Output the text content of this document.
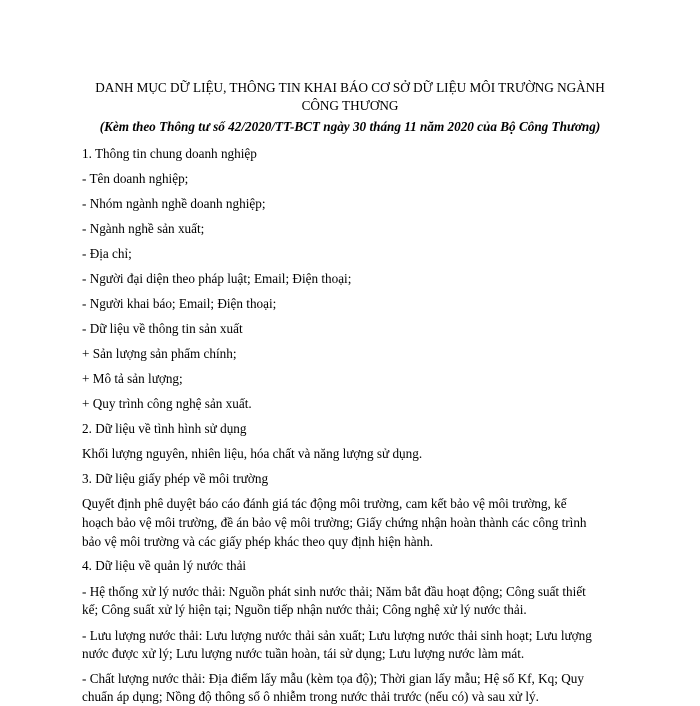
DANH MỤC DỮ LIỆU, THÔNG TIN KHAI BÁO CƠ SỞ DỮ LIỆU MÔI TRƯỜNG NGÀNH
CÔNG THƯƠNG
(Kèm theo Thông tư số 42/2020/TT-BCT ngày 30 tháng 11 năm 2020 của Bộ Công Thương)
1. Thông tin chung doanh nghiệp
- Tên doanh nghiệp;
- Nhóm ngành nghề doanh nghiệp;
- Ngành nghề sản xuất;
- Địa chỉ;
- Người đại diện theo pháp luật; Email; Điện thoại;
- Người khai báo; Email; Điện thoại;
- Dữ liệu về thông tin sản xuất
+ Sản lượng sản phẩm chính;
+ Mô tả sản lượng;
+ Quy trình công nghệ sản xuất.
2. Dữ liệu về tình hình sử dụng
Khối lượng nguyên, nhiên liệu, hóa chất và năng lượng sử dụng.
3. Dữ liệu giấy phép về môi trường
Quyết định phê duyệt báo cáo đánh giá tác động môi trường, cam kết bảo vệ môi trường, kế
hoạch bảo vệ môi trường, đề án bảo vệ môi trường; Giấy chứng nhận hoàn thành các công trình
bảo vệ môi trường và các giấy phép khác theo quy định hiện hành.
4. Dữ liệu về quản lý nước thải
- Hệ thống xử lý nước thải: Nguồn phát sinh nước thải; Năm bắt đầu hoạt động; Công suất thiết
kế; Công suất xử lý hiện tại; Nguồn tiếp nhận nước thải; Công nghệ xử lý nước thải.
- Lưu lượng nước thải: Lưu lượng nước thải sản xuất; Lưu lượng nước thải sinh hoạt; Lưu lượng
nước được xử lý; Lưu lượng nước tuần hoàn, tái sử dụng; Lưu lượng nước làm mát.
- Chất lượng nước thải: Địa điểm lấy mẫu (kèm tọa độ); Thời gian lấy mẫu; Hệ số Kf, Kq; Quy
chuẩn áp dụng; Nồng độ thông số ô nhiễm trong nước thải trước (nếu có) và sau xử lý.
